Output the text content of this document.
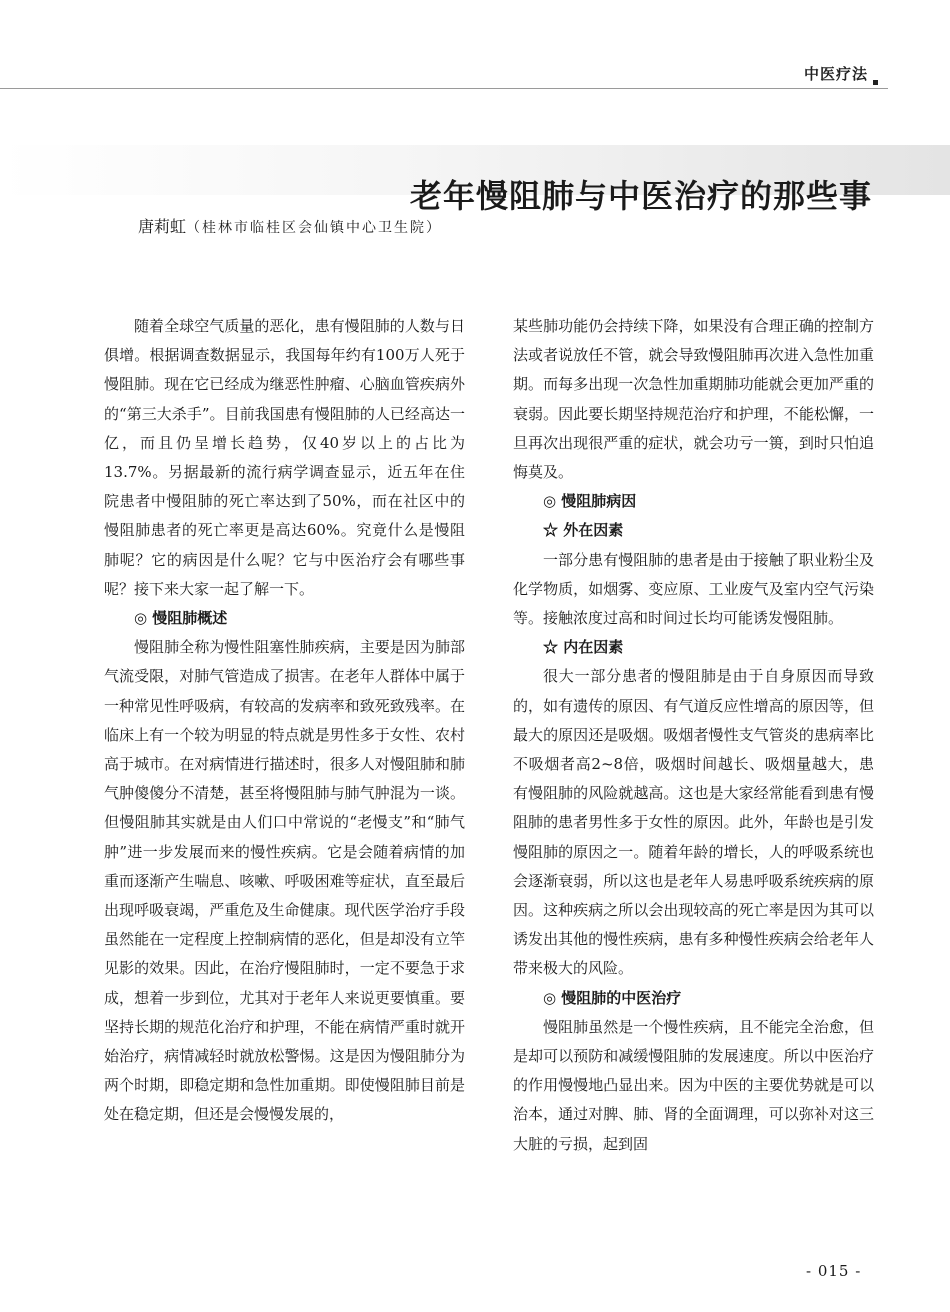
中医疗法
老年慢阻肺与中医治疗的那些事
唐莉虹（桂林市临桂区会仙镇中心卫生院）

随着全球空气质量的恶化，患有慢阻肺的人数与日俱增。根据调查数据显示，我国每年约有100万人死于慢阻肺。现在它已经成为继恶性肿瘤、心脑血管疾病外的“第三大杀手”。目前我国患有慢阻肺的人已经高达一亿，而且仍呈增长趋势，仅40岁以上的占比为13.7%。另据最新的流行病学调查显示，近五年在住院患者中慢阻肺的死亡率达到了50%，而在社区中的慢阻肺患者的死亡率更是高达60%。究竟什么是慢阻肺呢？它的病因是什么呢？它与中医治疗会有哪些事呢？接下来大家一起了解一下。

◎ 慢阻肺概述

慢阻肺全称为慢性阻塞性肺疾病，主要是因为肺部气流受限，对肺气管造成了损害。在老年人群体中属于一种常见性呼吸病，有较高的发病率和致死致残率。在临床上有一个较为明显的特点就是男性多于女性、农村高于城市。在对病情进行描述时，很多人对慢阻肺和肺气肿傻傻分不清楚，甚至将慢阻肺与肺气肿混为一谈。但慢阻肺其实就是由人们口中常说的“老慢支”和“肺气肿”进一步发展而来的慢性疾病。它是会随着病情的加重而逐渐产生喘息、咳嗽、呼吸困难等症状，直至最后出现呼吸衰竭，严重危及生命健康。现代医学治疗手段虽然能在一定程度上控制病情的恶化，但是却没有立竿见影的效果。因此，在治疗慢阻肺时，一定不要急于求成，想着一步到位，尤其对于老年人来说更要慎重。要坚持长期的规范化治疗和护理，不能在病情严重时就开始治疗，病情减轻时就放松警惕。这是因为慢阻肺分为两个时期，即稳定期和急性加重期。即使慢阻肺目前是处在稳定期，但还是会慢慢发展的，

某些肺功能仍会持续下降，如果没有合理正确的控制方法或者说放任不管，就会导致慢阻肺再次进入急性加重期。而每多出现一次急性加重期肺功能就会更加严重的衰弱。因此要长期坚持规范治疗和护理，不能松懈，一旦再次出现很严重的症状，就会功亏一篑，到时只怕追悔莫及。

◎ 慢阻肺病因
☆ 外在因素

一部分患有慢阻肺的患者是由于接触了职业粉尘及化学物质，如烟雾、变应原、工业废气及室内空气污染等。接触浓度过高和时间过长均可能诱发慢阻肺。

☆ 内在因素

很大一部分患者的慢阻肺是由于自身原因而导致的，如有遗传的原因、有气道反应性增高的原因等，但最大的原因还是吸烟。吸烟者慢性支气管炎的患病率比不吸烟者高2~8倍，吸烟时间越长、吸烟量越大，患有慢阻肺的风险就越高。这也是大家经常能看到患有慢阻肺的患者男性多于女性的原因。此外，年龄也是引发慢阻肺的原因之一。随着年龄的增长，人的呼吸系统也会逐渐衰弱，所以这也是老年人易患呼吸系统疾病的原因。这种疾病之所以会出现较高的死亡率是因为其可以诱发出其他的慢性疾病，患有多种慢性疾病会给老年人带来极大的风险。

◎ 慢阻肺的中医治疗

慢阻肺虽然是一个慢性疾病，且不能完全治愈，但是却可以预防和减缓慢阻肺的发展速度。所以中医治疗的作用慢慢地凸显出来。因为中医的主要优势就是可以治本，通过对脾、肺、肾的全面调理，可以弥补对这三大脏的亏损，起到固

- 015 -
